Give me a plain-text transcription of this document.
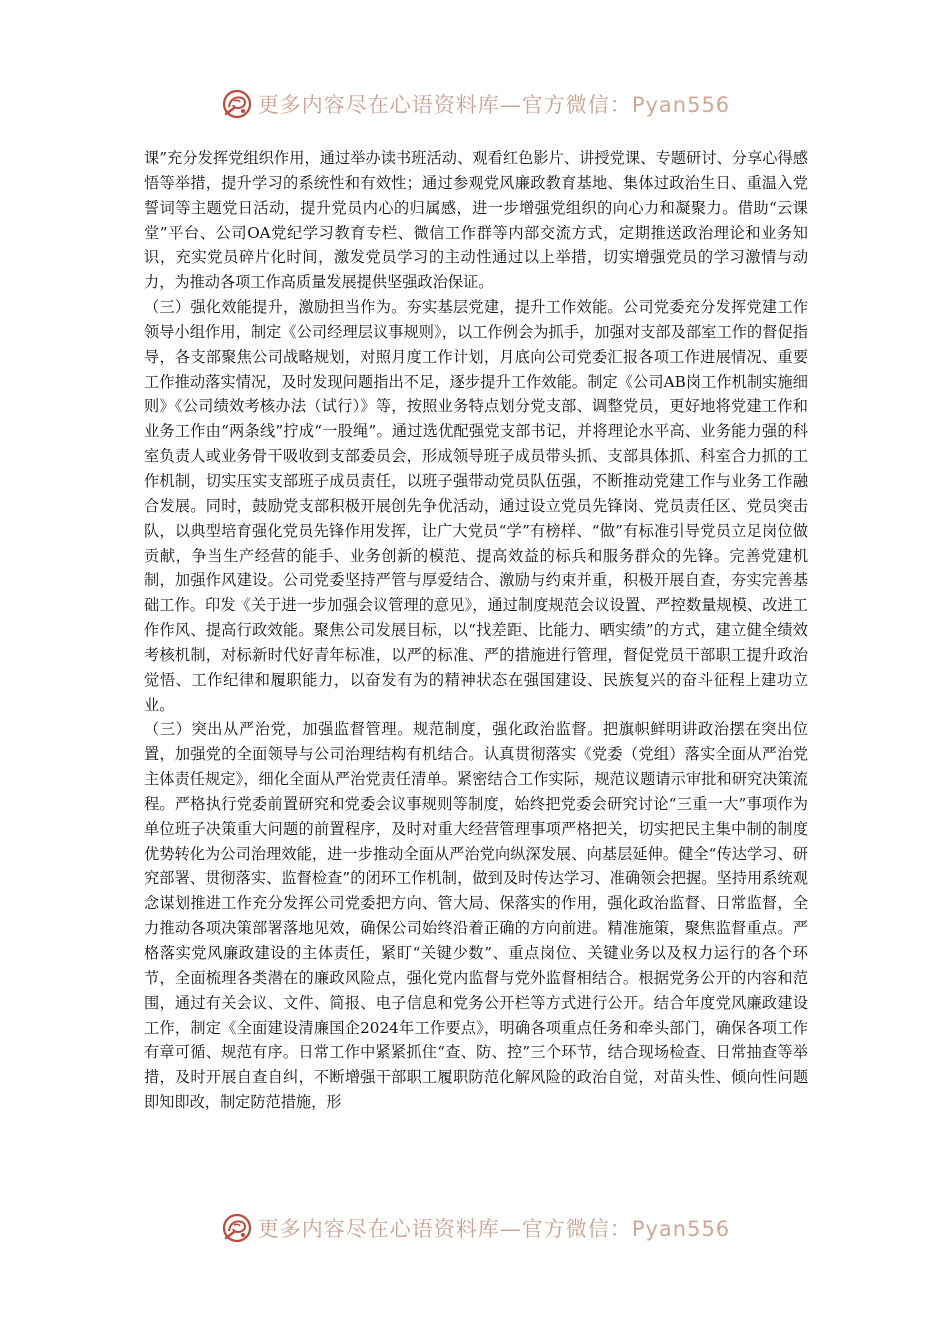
更多内容尽在心语资料库—官方微信：Pyan556

课”充分发挥党组织作用，通过举办读书班活动、观看红色影片、讲授党课、专题研讨、分享心得感悟等举措，提升学习的系统性和有效性；通过参观党风廉政教育基地、集体过政治生日、重温入党誓词等主题党日活动，提升党员内心的归属感，进一步增强党组织的向心力和凝聚力。借助“云课堂”平台、公司OA党纪学习教育专栏、微信工作群等内部交流方式，定期推送政治理论和业务知识，充实党员碎片化时间，激发党员学习的主动性通过以上举措，切实增强党员的学习激情与动力，为推动各项工作高质量发展提供坚强政治保证。

（三）强化效能提升，激励担当作为。夯实基层党建，提升工作效能。公司党委充分发挥党建工作领导小组作用，制定《公司经理层议事规则》，以工作例会为抓手，加强对支部及部室工作的督促指导，各支部聚焦公司战略规划，对照月度工作计划，月底向公司党委汇报各项工作进展情况、重要工作推动落实情况，及时发现问题指出不足，逐步提升工作效能。制定《公司AB岗工作机制实施细则》《公司绩效考核办法（试行）》等，按照业务特点划分党支部、调整党员，更好地将党建工作和业务工作由“两条线”拧成“一股绳”。通过选优配强党支部书记，并将理论水平高、业务能力强的科室负责人或业务骨干吸收到支部委员会，形成领导班子成员带头抓、支部具体抓、科室合力抓的工作机制，切实压实支部班子成员责任，以班子强带动党员队伍强，不断推动党建工作与业务工作融合发展。同时，鼓励党支部积极开展创先争优活动，通过设立党员先锋岗、党员责任区、党员突击队，以典型培育强化党员先锋作用发挥，让广大党员“学”有榜样、“做”有标准引导党员立足岗位做贡献，争当生产经营的能手、业务创新的模范、提高效益的标兵和服务群众的先锋。完善党建机制，加强作风建设。公司党委坚持严管与厚爱结合、激励与约束并重，积极开展自查，夯实完善基础工作。印发《关于进一步加强会议管理的意见》，通过制度规范会议设置、严控数量规模、改进工作作风、提高行政效能。聚焦公司发展目标，以“找差距、比能力、晒实绩”的方式，建立健全绩效考核机制，对标新时代好青年标准，以严的标准、严的措施进行管理，督促党员干部职工提升政治觉悟、工作纪律和履职能力，以奋发有为的精神状态在强国建设、民族复兴的奋斗征程上建功立业。

（三）突出从严治党，加强监督管理。规范制度，强化政治监督。把旗帜鲜明讲政治摆在突出位置，加强党的全面领导与公司治理结构有机结合。认真贯彻落实《党委（党组）落实全面从严治党主体责任规定》，细化全面从严治党责任清单。紧密结合工作实际，规范议题请示审批和研究决策流程。严格执行党委前置研究和党委会议事规则等制度，始终把党委会研究讨论“三重一大”事项作为单位班子决策重大问题的前置程序，及时对重大经营管理事项严格把关，切实把民主集中制的制度优势转化为公司治理效能，进一步推动全面从严治党向纵深发展、向基层延伸。健全“传达学习、研究部署、贯彻落实、监督检查”的闭环工作机制，做到及时传达学习、准确领会把握。坚持用系统观念谋划推进工作充分发挥公司党委把方向、管大局、保落实的作用，强化政治监督、日常监督，全力推动各项决策部署落地见效，确保公司始终沿着正确的方向前进。精准施策，聚焦监督重点。严格落实党风廉政建设的主体责任，紧盯“关键少数”、重点岗位、关键业务以及权力运行的各个环节，全面梳理各类潜在的廉政风险点，强化党内监督与党外监督相结合。根据党务公开的内容和范围，通过有关会议、文件、简报、电子信息和党务公开栏等方式进行公开。结合年度党风廉政建设工作，制定《全面建设清廉国企2024年工作要点》，明确各项重点任务和牵头部门，确保各项工作有章可循、规范有序。日常工作中紧紧抓住“查、防、控”三个环节，结合现场检查、日常抽查等举措，及时开展自查自纠，不断增强干部职工履职防范化解风险的政治自觉，对苗头性、倾向性问题即知即改，制定防范措施，形

更多内容尽在心语资料库—官方微信：Pyan556
